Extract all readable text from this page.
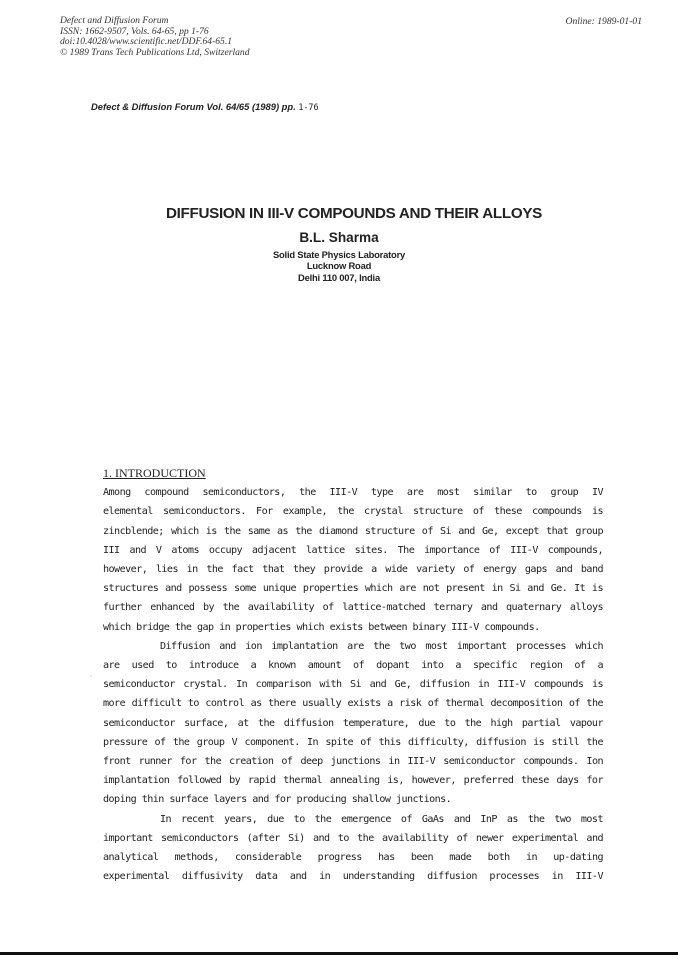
Defect and Diffusion Forum
ISSN: 1662-9507, Vols. 64-65, pp 1-76
doi:10.4028/www.scientific.net/DDF.64-65.1
© 1989 Trans Tech Publications Ltd, Switzerland
Online: 1989-01-01
Defect & Diffusion Forum Vol. 64/65 (1989) pp. 1-76
DIFFUSION IN III-V COMPOUNDS AND THEIR ALLOYS
B.L. Sharma
Solid State Physics Laboratory
Lucknow Road
Delhi 110 007, India
1. INTRODUCTION
Among compound semiconductors, the III-V type are most similar to group IV
elemental semiconductors. For example, the crystal structure of these compounds is
zincblende; which is the same as the diamond structure of Si and Ge, except that group
III and V atoms occupy adjacent lattice sites. The importance of III-V compounds,
however, lies in the fact that they provide a wide variety of energy gaps and band
structures and possess some unique properties which are not present in Si and Ge. It is
further enhanced by the availability of lattice-matched ternary and quaternary alloys
which bridge the gap in properties which exists between binary III-V compounds.
Diffusion and ion implantation are the two most important processes which
are used to introduce a known amount of dopant into a specific region of a
semiconductor crystal. In comparison with Si and Ge, diffusion in III-V compounds is
more difficult to control as there usually exists a risk of thermal decomposition of the
semiconductor surface, at the diffusion temperature, due to the high partial vapour
pressure of the group V component. In spite of this difficulty, diffusion is still the
front runner for the creation of deep junctions in III-V semiconductor compounds. Ion
implantation followed by rapid thermal annealing is, however, preferred these days for
doping thin surface layers and for producing shallow junctions.
In recent years, due to the emergence of GaAs and InP as the two most
important semiconductors (after Si) and to the availability of newer experimental and
analytical methods, considerable progress has been made both in up-dating
experimental diffusivity data and in understanding diffusion processes in III-V
,
